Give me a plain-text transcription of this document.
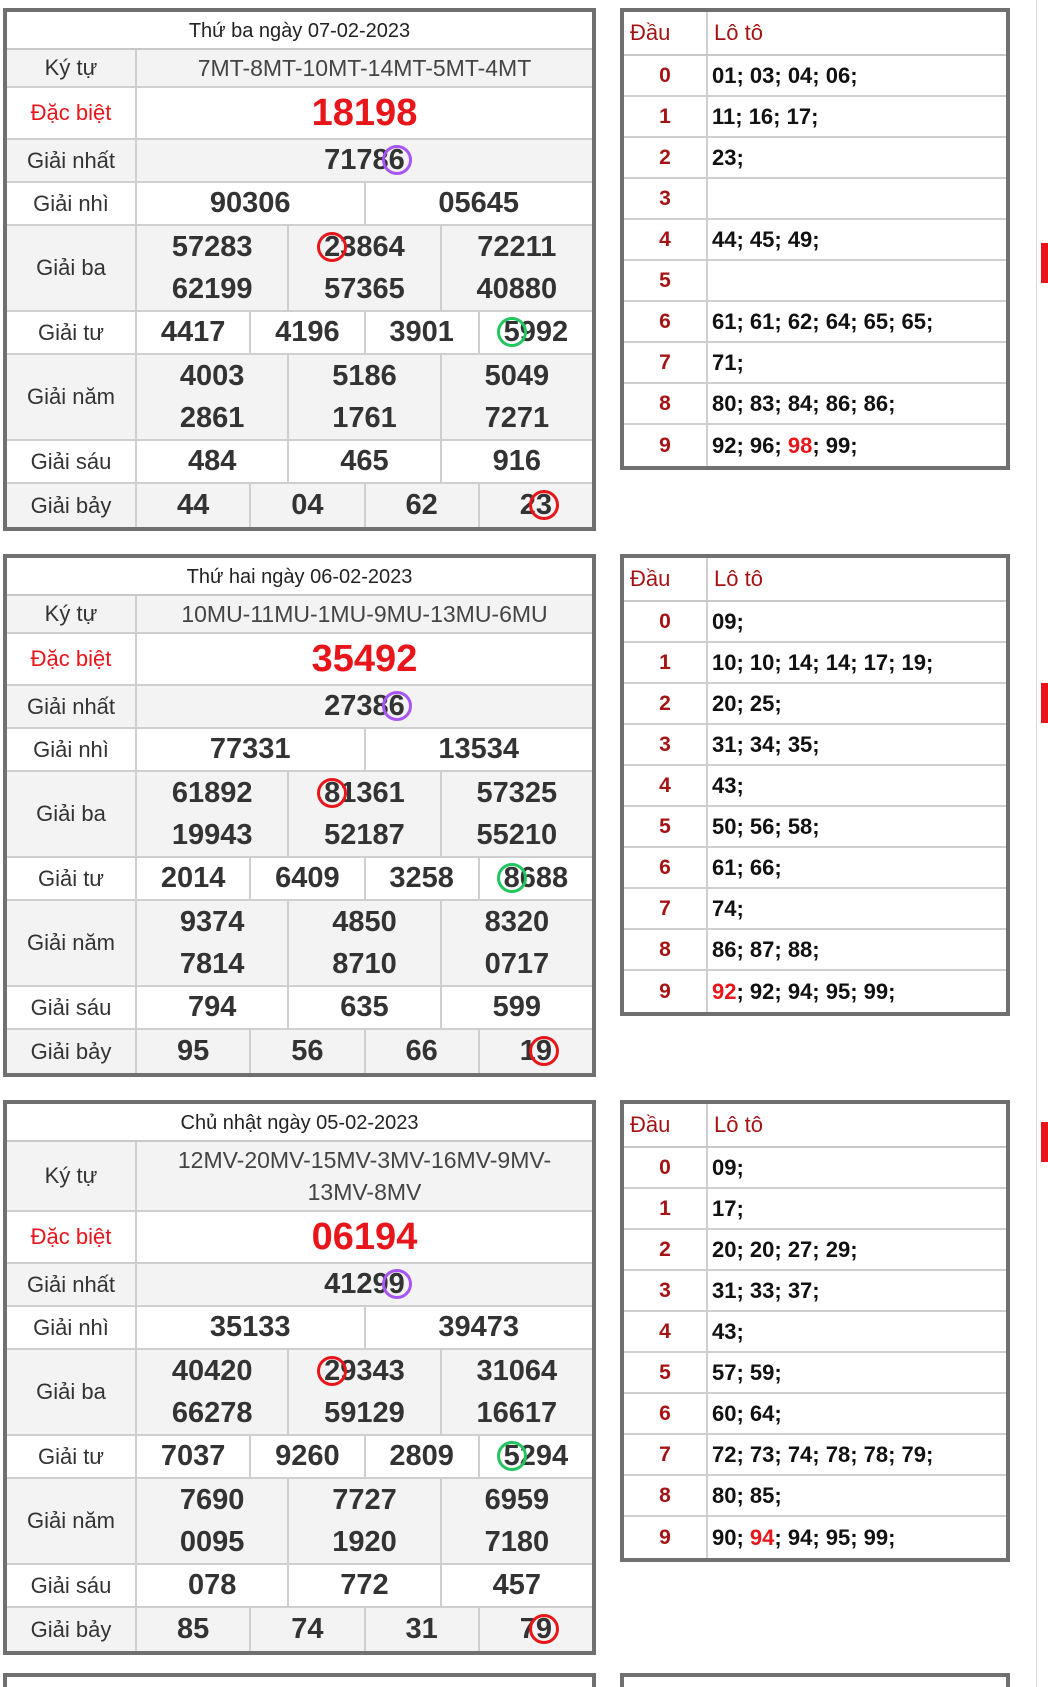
Thứ ba ngày 07-02-2023
Ký tự	7MT-8MT-10MT-14MT-5MT-4MT
Đặc biệt	18198
Giải nhất	71786
Giải nhì	90306	05645
Giải ba
57283	23864	72211
62199	57365	40880
Giải tư	4417	4196	3901	5992
Giải năm
4003	5186	5049
2861	1761	7271
Giải sáu	484	465	916
Giải bảy	44	04	62	23
Đầu	Lô tô
0	01; 03; 04; 06;
1	11; 16; 17;
2	23;
3
4	44; 45; 49;
5
6	61; 61; 62; 64; 65; 65;
7	71;
8	80; 83; 84; 86; 86;
9	92; 96; 98 ; 99;
Thứ hai ngày 06-02-2023
Ký tự	10MU-11MU-1MU-9MU-13MU-6MU
Đặc biệt	35492
Giải nhất	27386
Giải nhì	77331	13534
Giải ba
61892	81361	57325
19943	52187	55210
Giải tư	2014	6409	3258	8688
Giải năm
9374	4850	8320
7814	8710	0717
Giải sáu	794	635	599
Giải bảy	95	56	66	19
Đầu	Lô tô
0	09;
1	10; 10; 14; 14; 17; 19;
2	20; 25;
3	31; 34; 35;
4	43;
5	50; 56; 58;
6	61; 66;
7	74;
8	86; 87; 88;
9	92 ; 92; 94; 95; 99;
Chủ nhật ngày 05-02-2023
Ký tự
12MV-20MV-15MV-3MV-16MV-9MV-13MV-8MV
Đặc biệt	06194
Giải nhất	41299
Giải nhì	35133	39473
Giải ba
40420	29343	31064
66278	59129	16617
Giải tư	7037	9260	2809	5294
Giải năm
7690	7727	6959
0095	1920	7180
Giải sáu	078	772	457
Giải bảy	85	74	31	79
Đầu	Lô tô
0	09;
1	17;
2	20; 20; 27; 29;
3	31; 33; 37;
4	43;
5	57; 59;
6	60; 64;
7	72; 73; 74; 78; 78; 79;
8	80; 85;
9	90; 94 ; 94; 95; 99;
